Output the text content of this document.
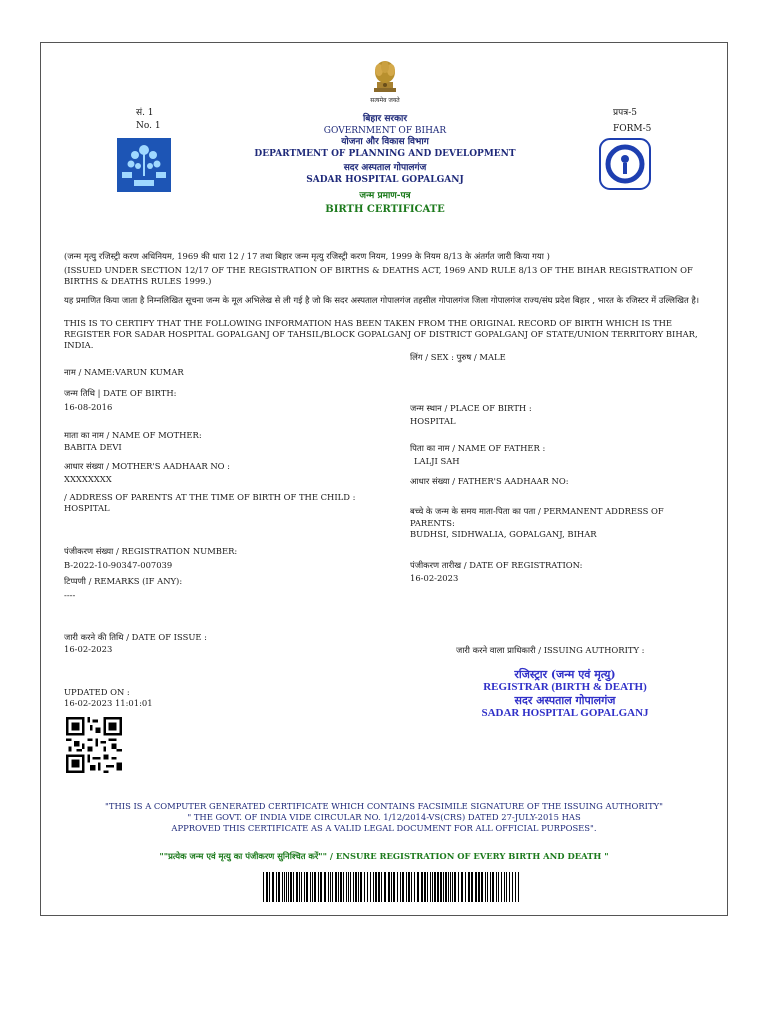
सत्यमेव जयते
सं. 1
No. 1
प्रपत्र-5
FORM-5
बिहार सरकार
GOVERNMENT OF BIHAR
योजना और विकास विभाग
DEPARTMENT OF PLANNING AND DEVELOPMENT
सदर अस्पताल गोपालगंज
SADAR HOSPITAL GOPALGANJ
जन्म प्रमाण-पत्र
BIRTH CERTIFICATE
(जन्म मृत्यु रजिस्ट्री करण अधिनियम, 1969 की धारा 12 / 17 तथा बिहार जन्म मृत्यु रजिस्ट्री करण नियम, 1999 के नियम 8/13 के अंतर्गत जारी किया गया )
(ISSUED UNDER SECTION 12/17 OF THE REGISTRATION OF BIRTHS & DEATHS ACT, 1969 AND RULE 8/13 OF THE BIHAR REGISTRATION OF BIRTHS & DEATHS RULES 1999.)
यह प्रमाणित किया जाता है निम्नलिखित सूचना जन्म के मूल अभिलेख से ली गई है जो कि सदर अस्पताल गोपालगंज तहसील गोपालगंज जिला गोपालगंज राज्य/संघ प्रदेश बिहार , भारत के रजिस्टर में उल्लिखित है।
THIS IS TO CERTIFY THAT THE FOLLOWING INFORMATION HAS BEEN TAKEN FROM THE ORIGINAL RECORD OF BIRTH WHICH IS THE REGISTER FOR SADAR HOSPITAL GOPALGANJ OF TAHSIL/BLOCK GOPALGANJ OF DISTRICT GOPALGANJ OF STATE/UNION TERRITORY BIHAR, INDIA.
लिंग / SEX : पुरुष / MALE
नाम / NAME:VARUN KUMAR
जन्म तिथि | DATE OF BIRTH:
16-08-2016	जन्म स्थान / PLACE OF BIRTH :
HOSPITAL
माता का नाम / NAME OF MOTHER:
BABITA DEVI	पिता का नाम / NAME OF FATHER :
LALJI SAH
आधार संख्या / MOTHER'S AADHAAR NO :
XXXXXXXX	आधार संख्या / FATHER'S AADHAAR NO:
/ ADDRESS OF PARENTS AT THE TIME OF BIRTH OF THE CHILD :
HOSPITAL	बच्चे के जन्म के समय माता-पिता का पता / PERMANENT ADDRESS OF
PARENTS:
BUDHSI, SIDHWALIA, GOPALGANJ, BIHAR
पंजीकरण संख्या / REGISTRATION NUMBER:
B-2022-10-90347-007039	पंजीकरण तारीख / DATE OF REGISTRATION:
16-02-2023
टिप्पणी / REMARKS (IF ANY):
----
जारी करने की तिथि / DATE OF ISSUE :
16-02-2023	जारी करने वाला प्राधिकारी / ISSUING AUTHORITY :
रजिस्ट्रार (जन्म एवं मृत्यु)
REGISTRAR (BIRTH & DEATH)
सदर अस्पताल गोपालगंज
SADAR HOSPITAL GOPALGANJ
UPDATED ON :
16-02-2023 11:01:01
"THIS IS A COMPUTER GENERATED CERTIFICATE WHICH CONTAINS FACSIMILE SIGNATURE OF THE ISSUING AUTHORITY"
" THE GOVT. OF INDIA VIDE CIRCULAR NO. 1/12/2014-VS(CRS) DATED 27-JULY-2015 HAS
APPROVED THIS CERTIFICATE AS A VALID LEGAL DOCUMENT FOR ALL OFFICIAL PURPOSES".
""प्रत्येक जन्म एवं मृत्यु का पंजीकरण सुनिश्चित करें"" / ENSURE REGISTRATION OF EVERY BIRTH AND DEATH "
